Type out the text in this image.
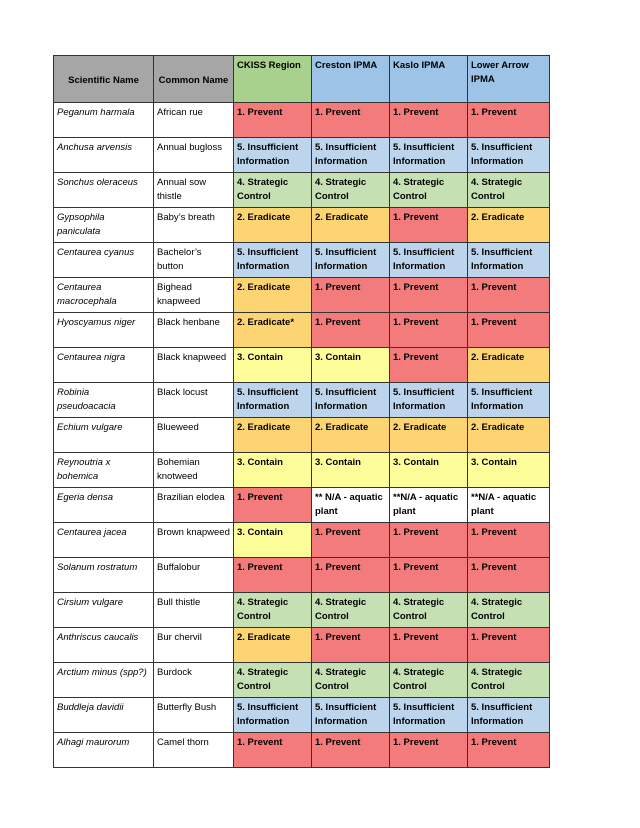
Scientific Name	Common Name	CKISS Region	Creston IPMA	Kaslo IPMA	Lower Arrow IPMA
Peganum harmala	African rue	1. Prevent	1. Prevent	1. Prevent	1. Prevent
Anchusa arvensis	Annual bugloss	5. Insufficient Information	5. Insufficient Information	5. Insufficient Information	5. Insufficient Information
Sonchus oleraceus	Annual sow thistle	4. Strategic Control	4. Strategic Control	4. Strategic Control	4. Strategic Control
Gypsophila paniculata	Baby’s breath	2. Eradicate	2. Eradicate	1. Prevent	2. Eradicate
Centaurea cyanus	Bachelor’s button	5. Insufficient Information	5. Insufficient Information	5. Insufficient Information	5. Insufficient Information
Centaurea macrocephala	Bighead knapweed	2. Eradicate	1. Prevent	1. Prevent	1. Prevent
Hyoscyamus niger	Black henbane	2. Eradicate*	1. Prevent	1. Prevent	1. Prevent
Centaurea nigra	Black knapweed	3. Contain	3. Contain	1. Prevent	2. Eradicate
Robinia pseudoacacia	Black locust	5. Insufficient Information	5. Insufficient Information	5. Insufficient Information	5. Insufficient Information
Echium vulgare	Blueweed	2. Eradicate	2. Eradicate	2. Eradicate	2. Eradicate
Reynoutria x bohemica	Bohemian knotweed	3. Contain	3. Contain	3. Contain	3. Contain
Egeria densa	Brazilian elodea	1. Prevent	** N/A - aquatic plant	**N/A - aquatic plant	**N/A - aquatic plant
Centaurea jacea	Brown knapweed	3. Contain	1. Prevent	1. Prevent	1. Prevent
Solanum rostratum	Buffalobur	1. Prevent	1. Prevent	1. Prevent	1. Prevent
Cirsium vulgare	Bull thistle	4. Strategic Control	4. Strategic Control	4. Strategic Control	4. Strategic Control
Anthriscus caucalis	Bur chervil	2. Eradicate	1. Prevent	1. Prevent	1. Prevent
Arctium minus (spp?)	Burdock	4. Strategic Control	4. Strategic Control	4. Strategic Control	4. Strategic Control
Buddleja davidii	Butterfly Bush	5. Insufficient Information	5. Insufficient Information	5. Insufficient Information	5. Insufficient Information
Alhagi maurorum	Camel thorn	1. Prevent	1. Prevent	1. Prevent	1. Prevent
